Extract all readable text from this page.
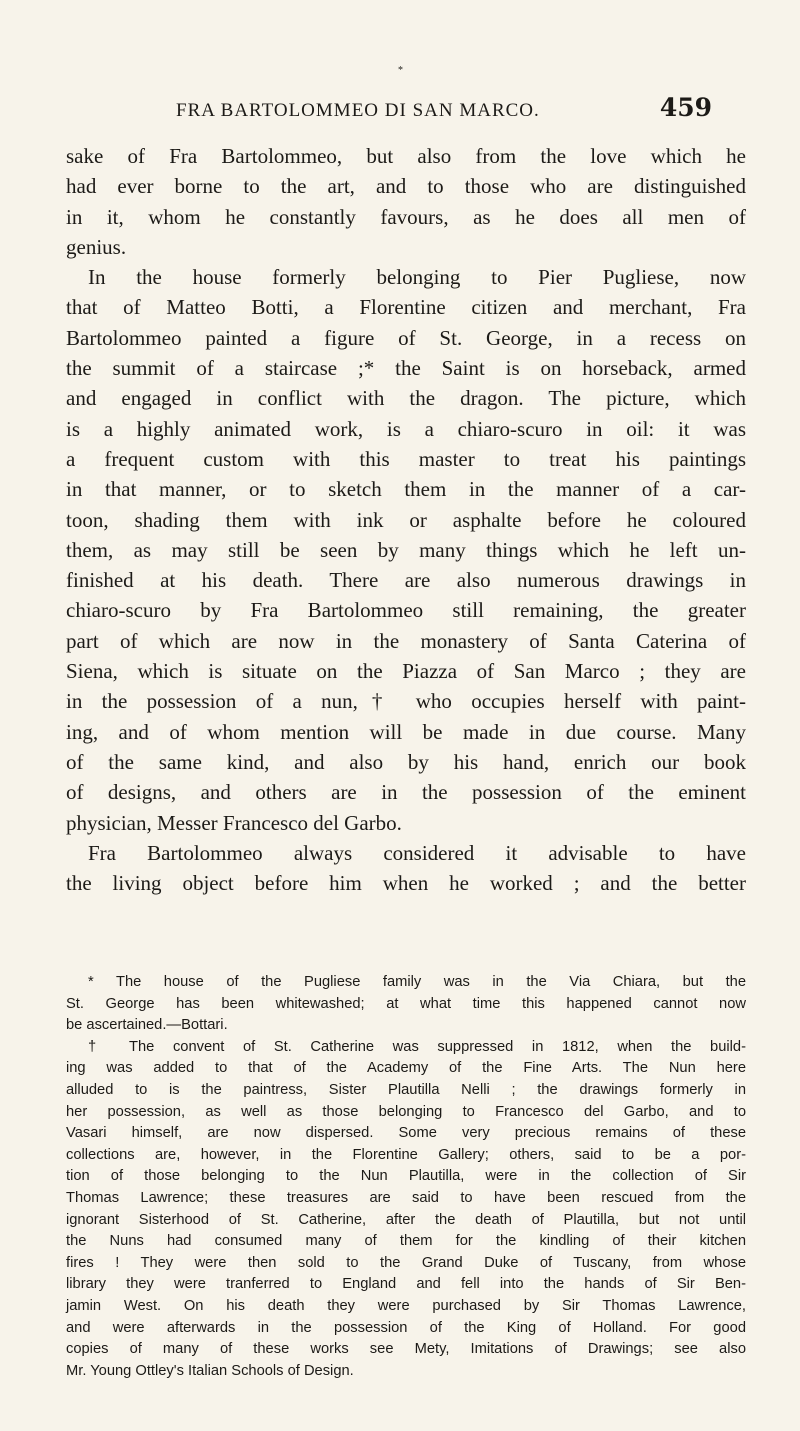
*
FRA BARTOLOMMEO DI SAN MARCO.	459
sake of Fra Bartolommeo, but also from the love which he
had ever borne to the art, and to those who are distinguished
in it, whom he constantly favours, as he does all men of
genius.
In the house formerly belonging to Pier Pugliese, now
that of Matteo Botti, a Florentine citizen and merchant, Fra
Bartolommeo painted a figure of St. George, in a recess on
the summit of a staircase ;* the Saint is on horseback, armed
and engaged in conflict with the dragon. The picture, which
is a highly animated work, is a chiaro-scuro in oil: it was
a frequent custom with this master to treat his paintings
in that manner, or to sketch them in the manner of a car-
toon, shading them with ink or asphalte before he coloured
them, as may still be seen by many things which he left un-
finished at his death. There are also numerous drawings in
chiaro-scuro by Fra Bartolommeo still remaining, the greater
part of which are now in the monastery of Santa Caterina of
Siena, which is situate on the Piazza of San Marco ; they are
in the possession of a nun,† who occupies herself with paint-
ing, and of whom mention will be made in due course. Many
of the same kind, and also by his hand, enrich our book
of designs, and others are in the possession of the eminent
physician, Messer Francesco del Garbo.
Fra Bartolommeo always considered it advisable to have
the living object before him when he worked ; and the better
* The house of the Pugliese family was in the Via Chiara, but the
St. George has been whitewashed; at what time this happened cannot now
be ascertained.—Bottari.
† The convent of St. Catherine was suppressed in 1812, when the build-
ing was added to that of the Academy of the Fine Arts. The Nun here
alluded to is the paintress, Sister Plautilla Nelli ; the drawings formerly in
her possession, as well as those belonging to Francesco del Garbo, and to
Vasari himself, are now dispersed. Some very precious remains of these
collections are, however, in the Florentine Gallery; others, said to be a por-
tion of those belonging to the Nun Plautilla, were in the collection of Sir
Thomas Lawrence; these treasures are said to have been rescued from the
ignorant Sisterhood of St. Catherine, after the death of Plautilla, but not until
the Nuns had consumed many of them for the kindling of their kitchen
fires ! They were then sold to the Grand Duke of Tuscany, from whose
library they were tranferred to England and fell into the hands of Sir Ben-
jamin West. On his death they were purchased by Sir Thomas Lawrence,
and were afterwards in the possession of the King of Holland. For good
copies of many of these works see Mety, Imitations of Drawings; see also
Mr. Young Ottley's Italian Schools of Design.
